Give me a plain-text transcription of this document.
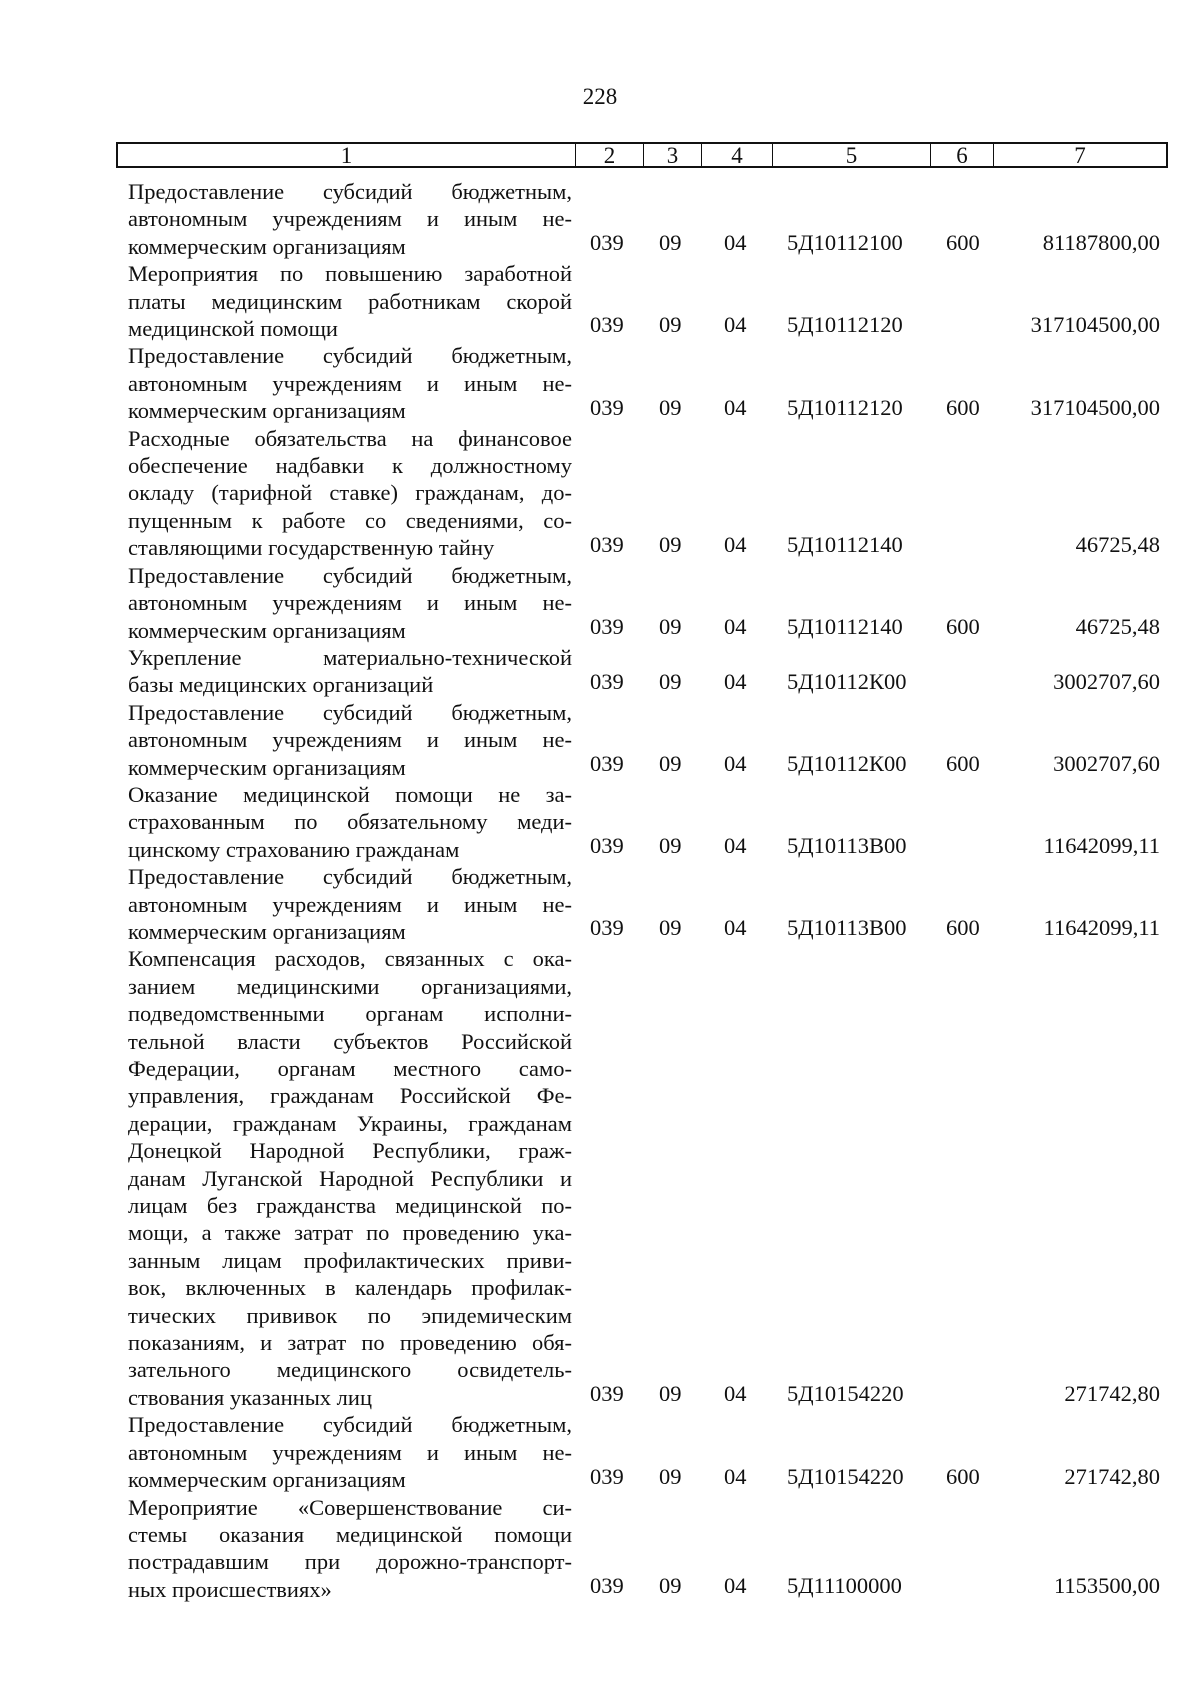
228
1	2	3	4	5	6	7
Предоставление субсидий бюджетным,
автономным учреждениям и иным не-
коммерческим организациям	039 09 04 5Д10112100 600	81187800,00
Мероприятия по повышению заработной
платы медицинским работникам скорой
медицинской помощи	039 09 04 5Д10112120	317104500,00
Предоставление субсидий бюджетным,
автономным учреждениям и иным не-
коммерческим организациям	039 09 04 5Д10112120 600 317104500,00
Расходные обязательства на финансовое
обеспечение надбавки к должностному
окладу (тарифной ставке) гражданам, до-
пущенным к работе со сведениями, со-
ставляющими государственную тайну	039 09 04 5Д10112140	46725,48
Предоставление субсидий бюджетным,
автономным учреждениям и иным не-
коммерческим организациям	039 09 04 5Д10112140 600	46725,48
Укрепление материально-технической
базы медицинских организаций	039 09 04 5Д10112К00	3002707,60
Предоставление субсидий бюджетным,
автономным учреждениям и иным не-
коммерческим организациям	039 09 04 5Д10112К00 600	3002707,60
Оказание медицинской помощи не за-
страхованным по обязательному меди-
цинскому страхованию гражданам	039 09 04 5Д10113В00	11642099,11
Предоставление субсидий бюджетным,
автономным учреждениям и иным не-
коммерческим организациям	039 09 04 5Д10113В00 600	11642099,11
Компенсация расходов, связанных с ока-
занием медицинскими организациями,
подведомственными органам исполни-
тельной власти субъектов Российской
Федерации, органам местного само-
управления, гражданам Российской Фе-
дерации, гражданам Украины, гражданам
Донецкой Народной Республики, граж-
данам Луганской Народной Республики и
лицам без гражданства медицинской по-
мощи, а также затрат по проведению ука-
занным лицам профилактических приви-
вок, включенных в календарь профилак-
тических прививок по эпидемическим
показаниям, и затрат по проведению обя-
зательного медицинского освидетель-
ствования указанных лиц	039 09 04 5Д10154220	271742,80
Предоставление субсидий бюджетным,
автономным учреждениям и иным не-
коммерческим организациям	039 09 04 5Д10154220 600	271742,80
Мероприятие «Совершенствование си-
стемы оказания медицинской помощи
пострадавшим при дорожно-транспорт-
ных происшествиях»	039 09 04 5Д11100000	1153500,00
